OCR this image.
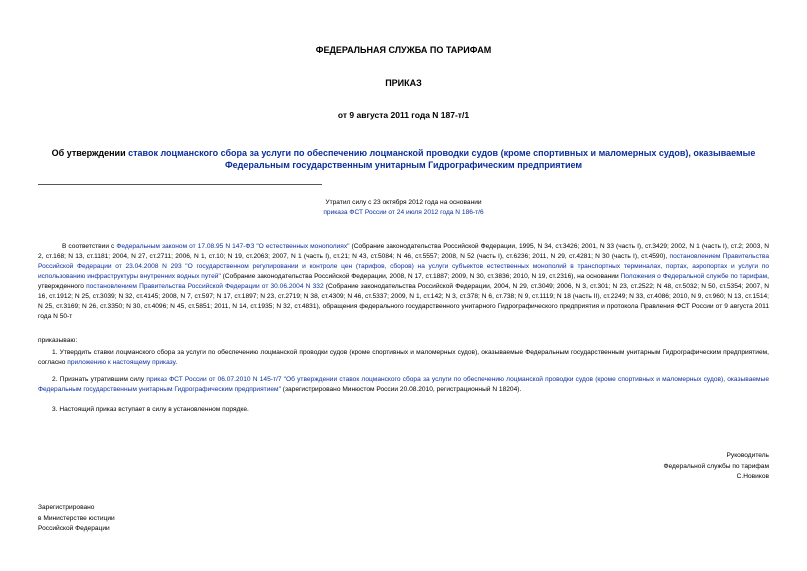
ФЕДЕРАЛЬНАЯ СЛУЖБА ПО ТАРИФАМ
ПРИКАЗ
от 9 августа 2011 года N 187-т/1
Об утверждении ставок лоцманского сбора за услуги по обеспечению лоцманской проводки судов (кроме спортивных и маломерных судов), оказываемые Федеральным государственным унитарным Гидрографическим предприятием
Утратил силу с 23 октября 2012 года на основании
приказа ФСТ России от 24 июля 2012 года N 186-т/6
В соответствии с Федеральным законом от 17.08.95 N 147-ФЗ "О естественных монополиях" (Собрание законодательства Российской Федерации, 1995, N 34, ст.3426; 2001, N 33 (часть I), ст.3429; 2002, N 1 (часть I), ст.2; 2003, N 2, ст.168; N 13, ст.1181; 2004, N 27, ст.2711; 2006, N 1, ст.10; N 19, ст.2063; 2007, N 1 (часть I), ст.21; N 43, ст.5084; N 46, ст.5557; 2008, N 52 (часть I), ст.6236; 2011, N 29, ст.4281; N 30 (часть I), ст.4590), постановлением Правительства Российской Федерации от 23.04.2008 N 293 "О государственном регулировании и контроле цен (тарифов, сборов) на услуги субъектов естественных монополий в транспортных терминалах, портах, аэропортах и услуги по использованию инфраструктуры внутренних водных путей" (Собрание законодательства Российской Федерации, 2008, N 17, ст.1887; 2009, N 30, ст.3836; 2010, N 19, ст.2316), на основании Положения о Федеральной службе по тарифам, утвержденного постановлением Правительства Российской Федерации от 30.06.2004 N 332 (Собрание законодательства Российской Федерации, 2004, N 29, ст.3049; 2006, N 3, ст.301; N 23, ст.2522; N 48, ст.5032; N 50, ст.5354; 2007, N 16, ст.1912; N 25, ст.3039; N 32, ст.4145; 2008, N 7, ст.597; N 17, ст.1897; N 23, ст.2719; N 38, ст.4309; N 46, ст.5337; 2009, N 1, ст.142; N 3, ст.378; N 6, ст.738; N 9, ст.1119; N 18 (часть II), ст.2249; N 33, ст.4086; 2010, N 9, ст.960; N 13, ст.1514; N 25, ст.3169; N 26, ст.3350; N 30, ст.4096; N 45, ст.5851; 2011, N 14, ст.1935; N 32, ст.4831), обращения федерального государственного унитарного Гидрографического предприятия и протокола Правления ФСТ России от 9 августа 2011 года N 50-т
приказываю:
1. Утвердить ставки лоцманского сбора за услуги по обеспечению лоцманской проводки судов (кроме спортивных и маломерных судов), оказываемые Федеральным государственным унитарным Гидрографическим предприятием, согласно приложению к настоящему приказу.
2. Признать утратившим силу приказ ФСТ России от 06.07.2010 N 145-т/7 "Об утверждении ставок лоцманского сбора за услуги по обеспечению лоцманской проводки судов (кроме спортивных и маломерных судов), оказываемые Федеральным государственным унитарным Гидрографическим предприятием" (зарегистрировано Минюстом России 20.08.2010, регистрационный N 18204).
3. Настоящий приказ вступает в силу в установленном порядке.
Руководитель
Федеральной службы по тарифам
С.Новиков
Зарегистрировано
в Министерстве юстиции
Российской Федерации
